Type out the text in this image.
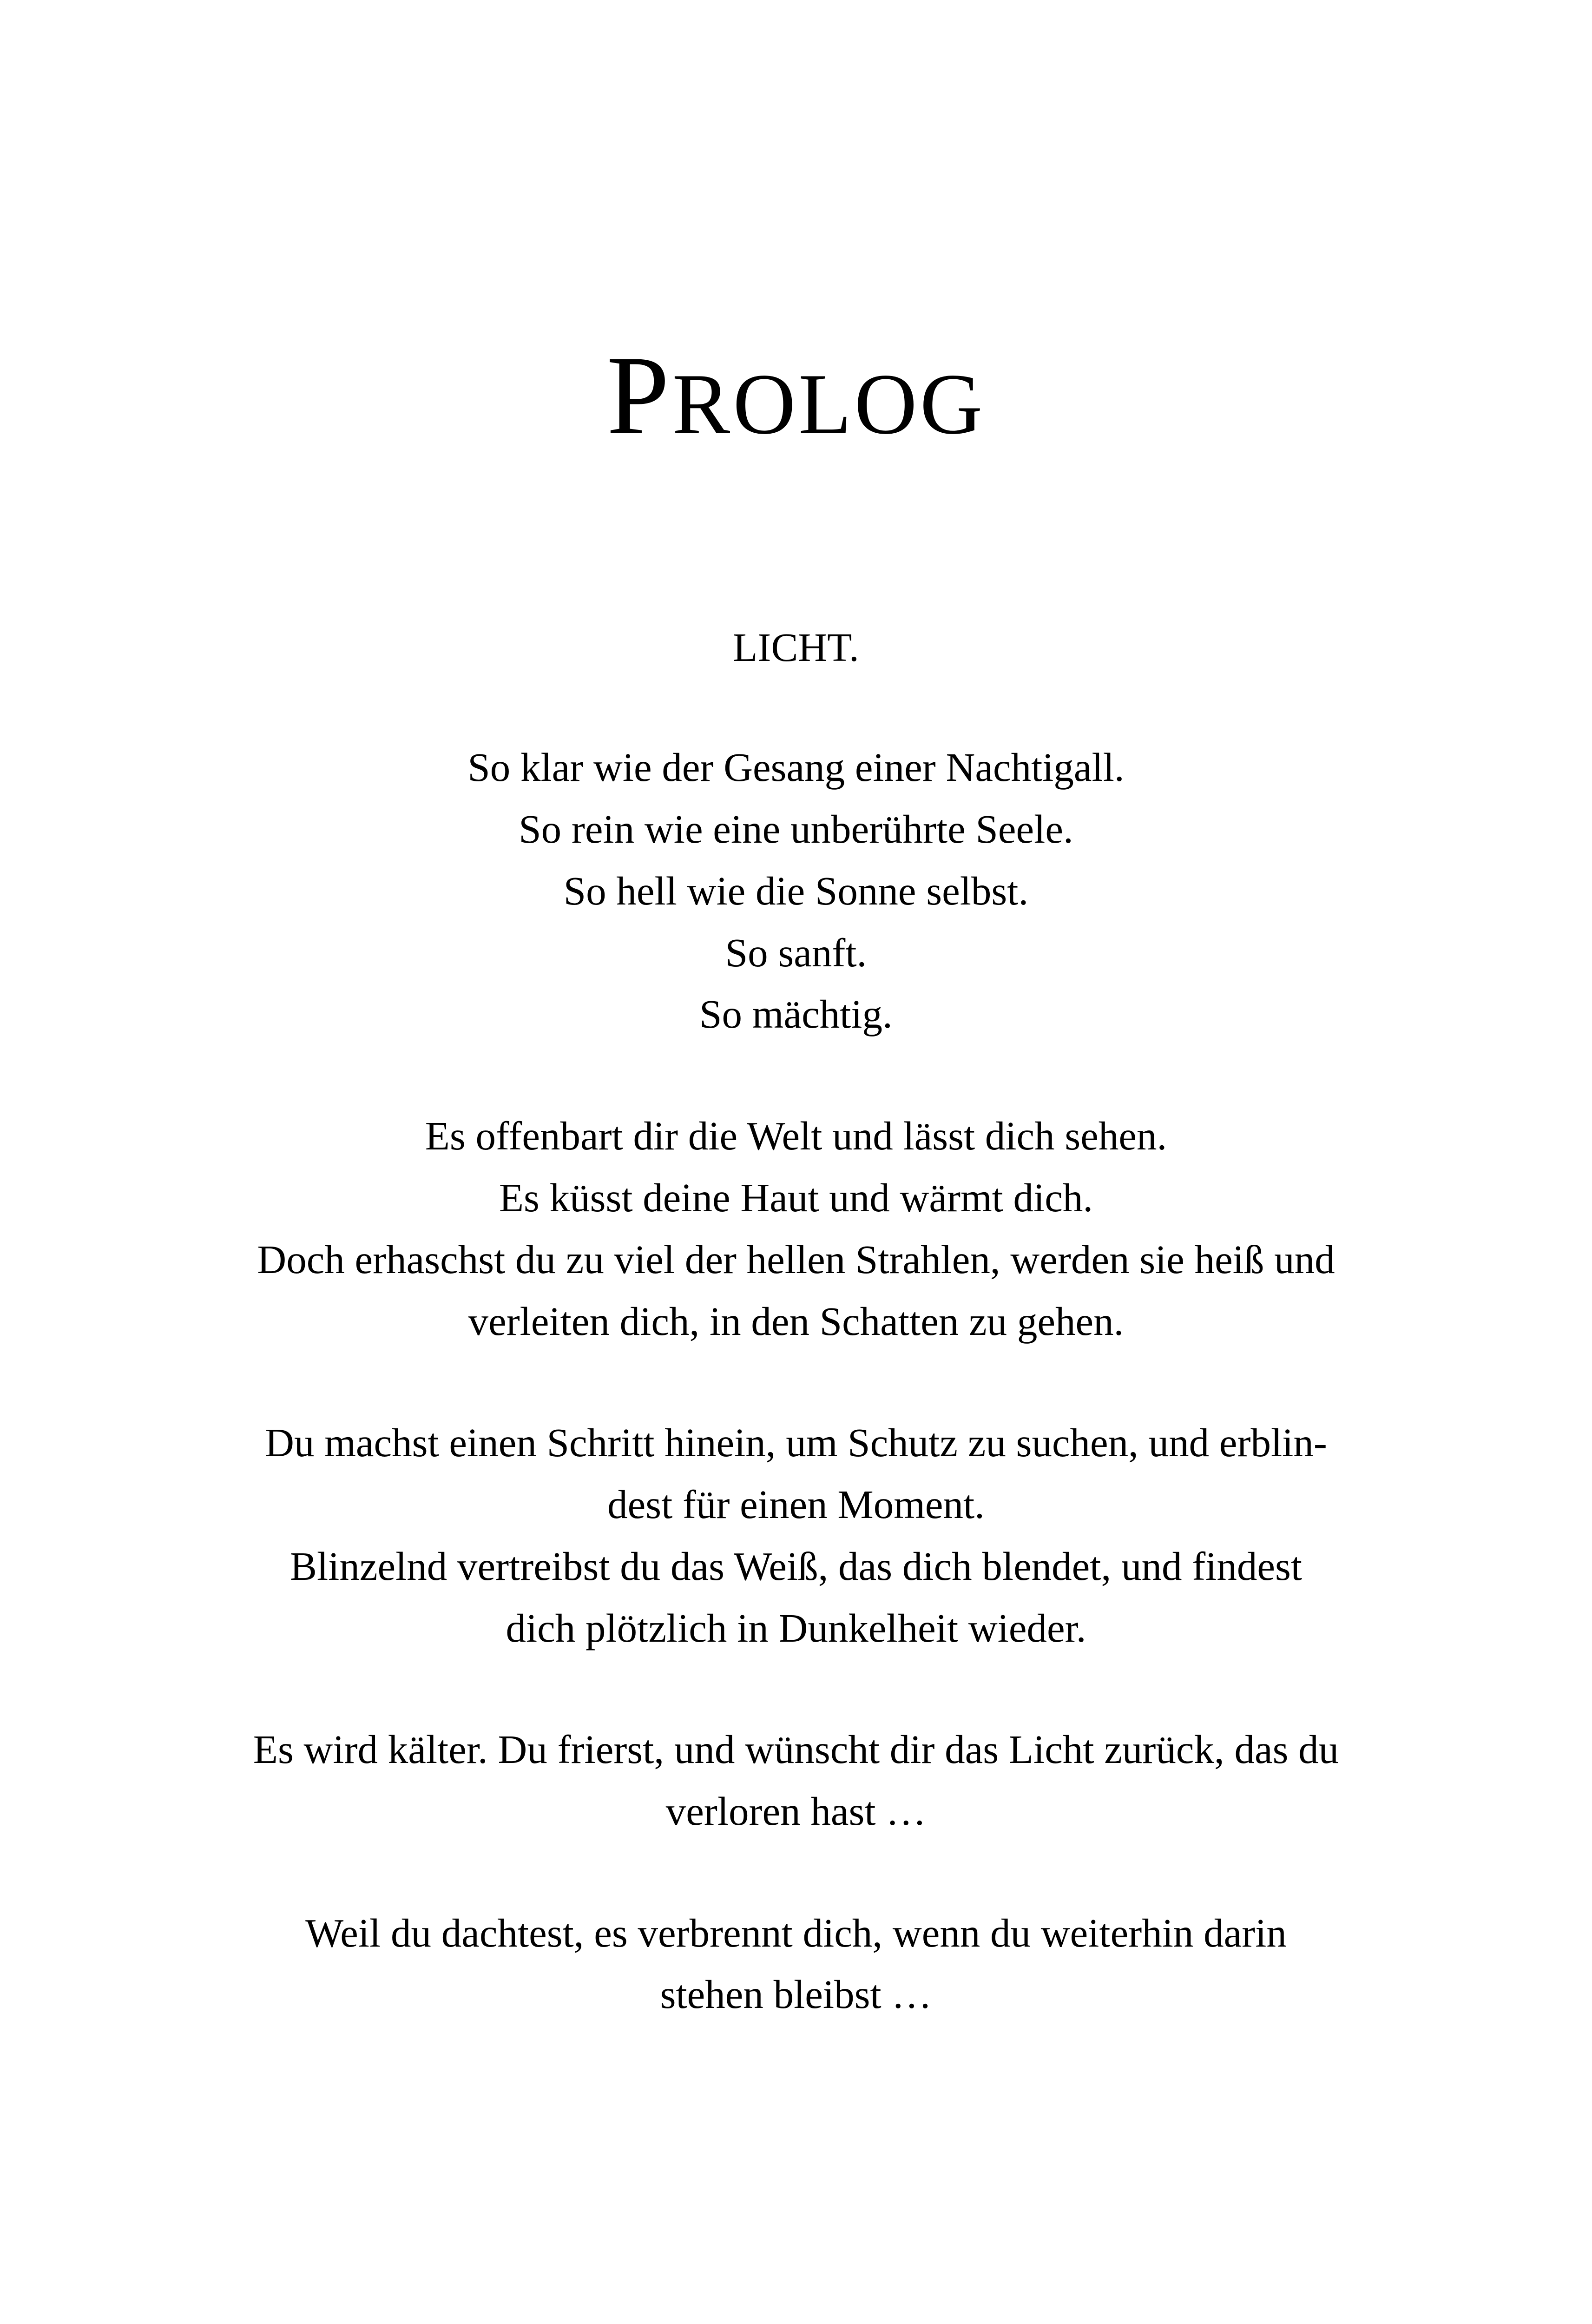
PROLOG
LICHT.
So klar wie der Gesang einer Nachtigall.
So rein wie eine unberührte Seele.
So hell wie die Sonne selbst.
So sanft.
So mächtig.
Es offenbart dir die Welt und lässt dich sehen.
Es küsst deine Haut und wärmt dich.
Doch erhaschst du zu viel der hellen Strahlen, werden sie heiß und
verleiten dich, in den Schatten zu gehen.
Du machst einen Schritt hinein, um Schutz zu suchen, und erblin-
dest für einen Moment.
Blinzelnd vertreibst du das Weiß, das dich blendet, und findest
dich plötzlich in Dunkelheit wieder.
Es wird kälter. Du frierst, und wünscht dir das Licht zurück, das du
verloren hast …
Weil du dachtest, es verbrennt dich, wenn du weiterhin darin
stehen bleibst …
